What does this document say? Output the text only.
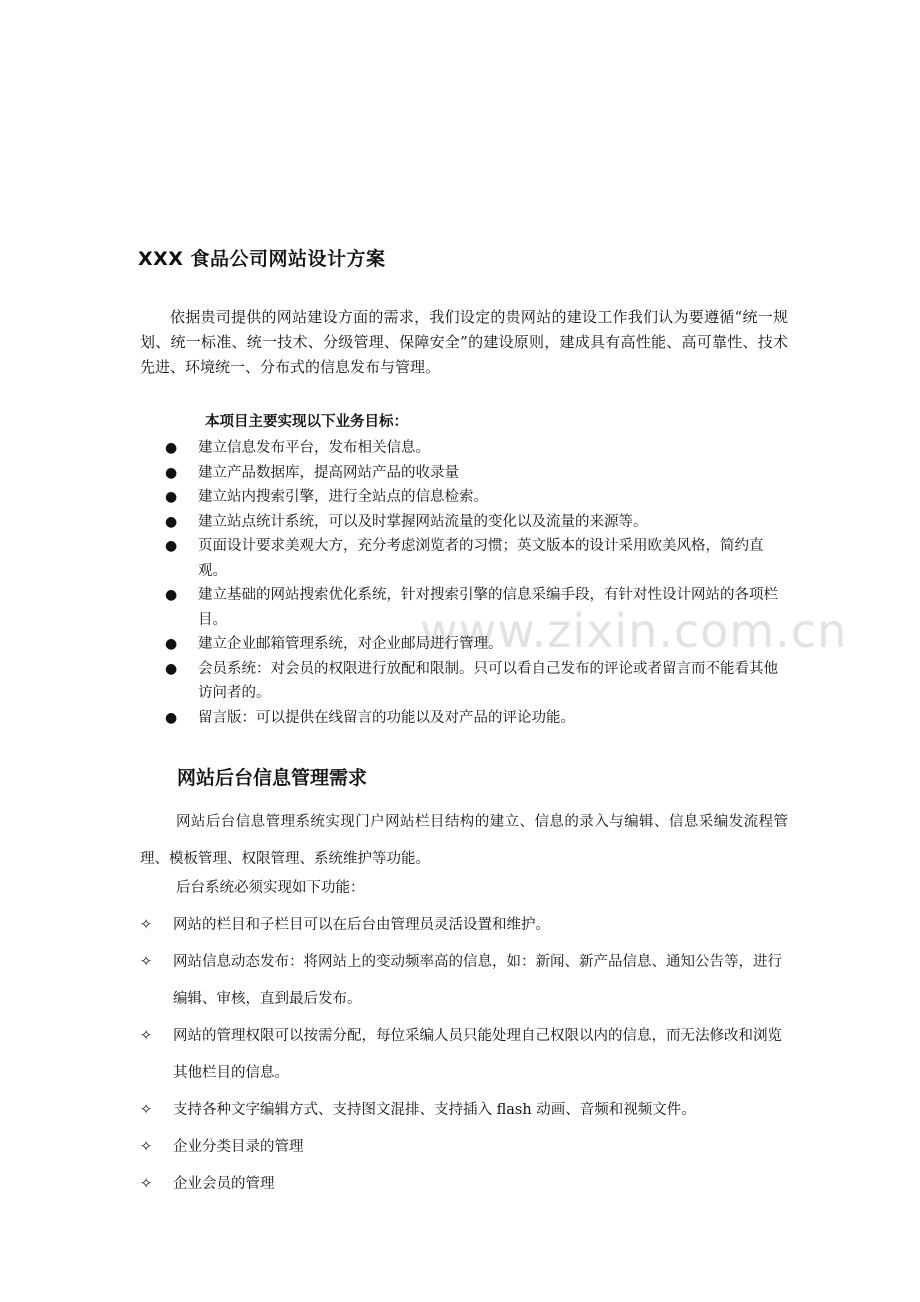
www.zixin.com.cn
XXX 食品公司网站设计方案

依据贵司提供的网站建设方面的需求，我们设定的贵网站的建设工作我们认为要遵循“统一规划、统一标准、统一技术、分级管理、保障安全”的建设原则，建成具有高性能、高可靠性、技术先进、环境统一、分布式的信息发布与管理。

本项目主要实现以下业务目标：

● 建立信息发布平台，发布相关信息。
● 建立产品数据库，提高网站产品的收录量
● 建立站内搜索引擎，进行全站点的信息检索。
● 建立站点统计系统，可以及时掌握网站流量的变化以及流量的来源等。
● 页面设计要求美观大方，充分考虑浏览者的习惯；英文版本的设计采用欧美风格，简约直观。
● 建立基础的网站搜索优化系统，针对搜索引擎的信息采编手段，有针对性设计网站的各项栏目。
● 建立企业邮箱管理系统，对企业邮局进行管理。
● 会员系统：对会员的权限进行放配和限制。只可以看自己发布的评论或者留言而不能看其他访问者的。
● 留言版：可以提供在线留言的功能以及对产品的评论功能。
网站后台信息管理需求

网站后台信息管理系统实现门户网站栏目结构的建立、信息的录入与编辑、信息采编发流程管理、模板管理、权限管理、系统维护等功能。

后台系统必须实现如下功能：

✧ 网站的栏目和子栏目可以在后台由管理员灵活设置和维护。
✧ 网站信息动态发布：将网站上的变动频率高的信息，如：新闻、新产品信息、通知公告等，进行编辑、审核，直到最后发布。
✧ 网站的管理权限可以按需分配，每位采编人员只能处理自己权限以内的信息，而无法修改和浏览其他栏目的信息。
✧ 支持各种文字编辑方式、支持图文混排、支持插入 flash 动画、音频和视频文件。
✧ 企业分类目录的管理
✧ 企业会员的管理
